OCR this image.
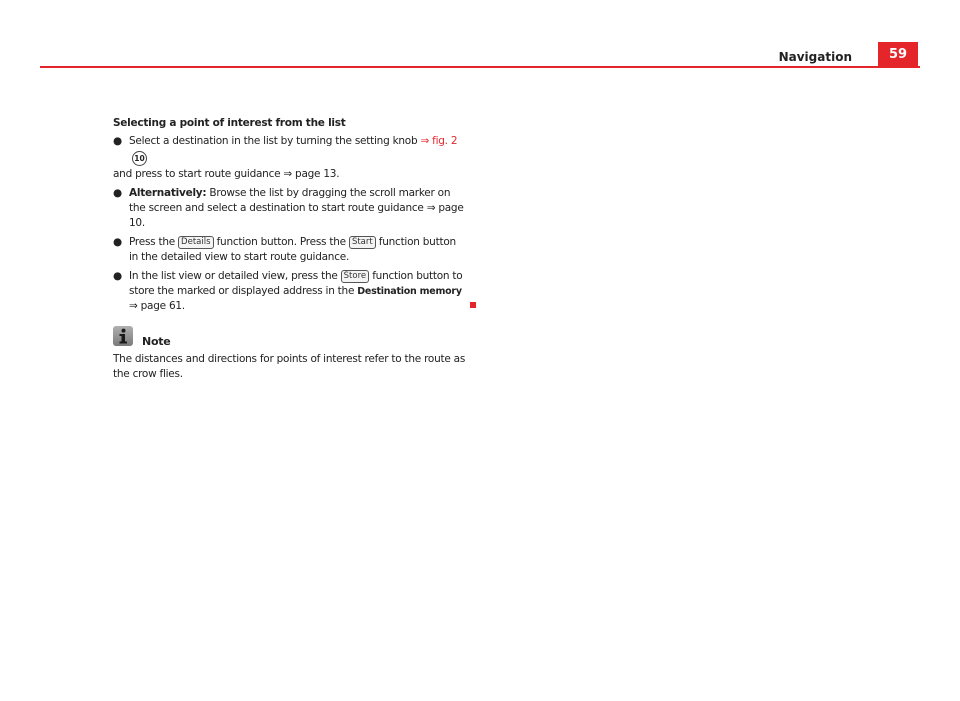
Navigation	59
Selecting a point of interest from the list
● Select a destination in the list by turning the setting knob ⇒ fig. 210
and press to start route guidance ⇒ page 13.
● Alternatively: Browse the list by dragging the scroll marker on the screen and select a destination to start route guidance ⇒ page 10.
● Press the Details function button. Press the Start function button in the detailed view to start route guidance.
● In the list view or detailed view, press the Store function button to store the marked or displayed address in the Destination memory ⇒ page 61.
Note
The distances and directions for points of interest refer to the route as the crow flies.
